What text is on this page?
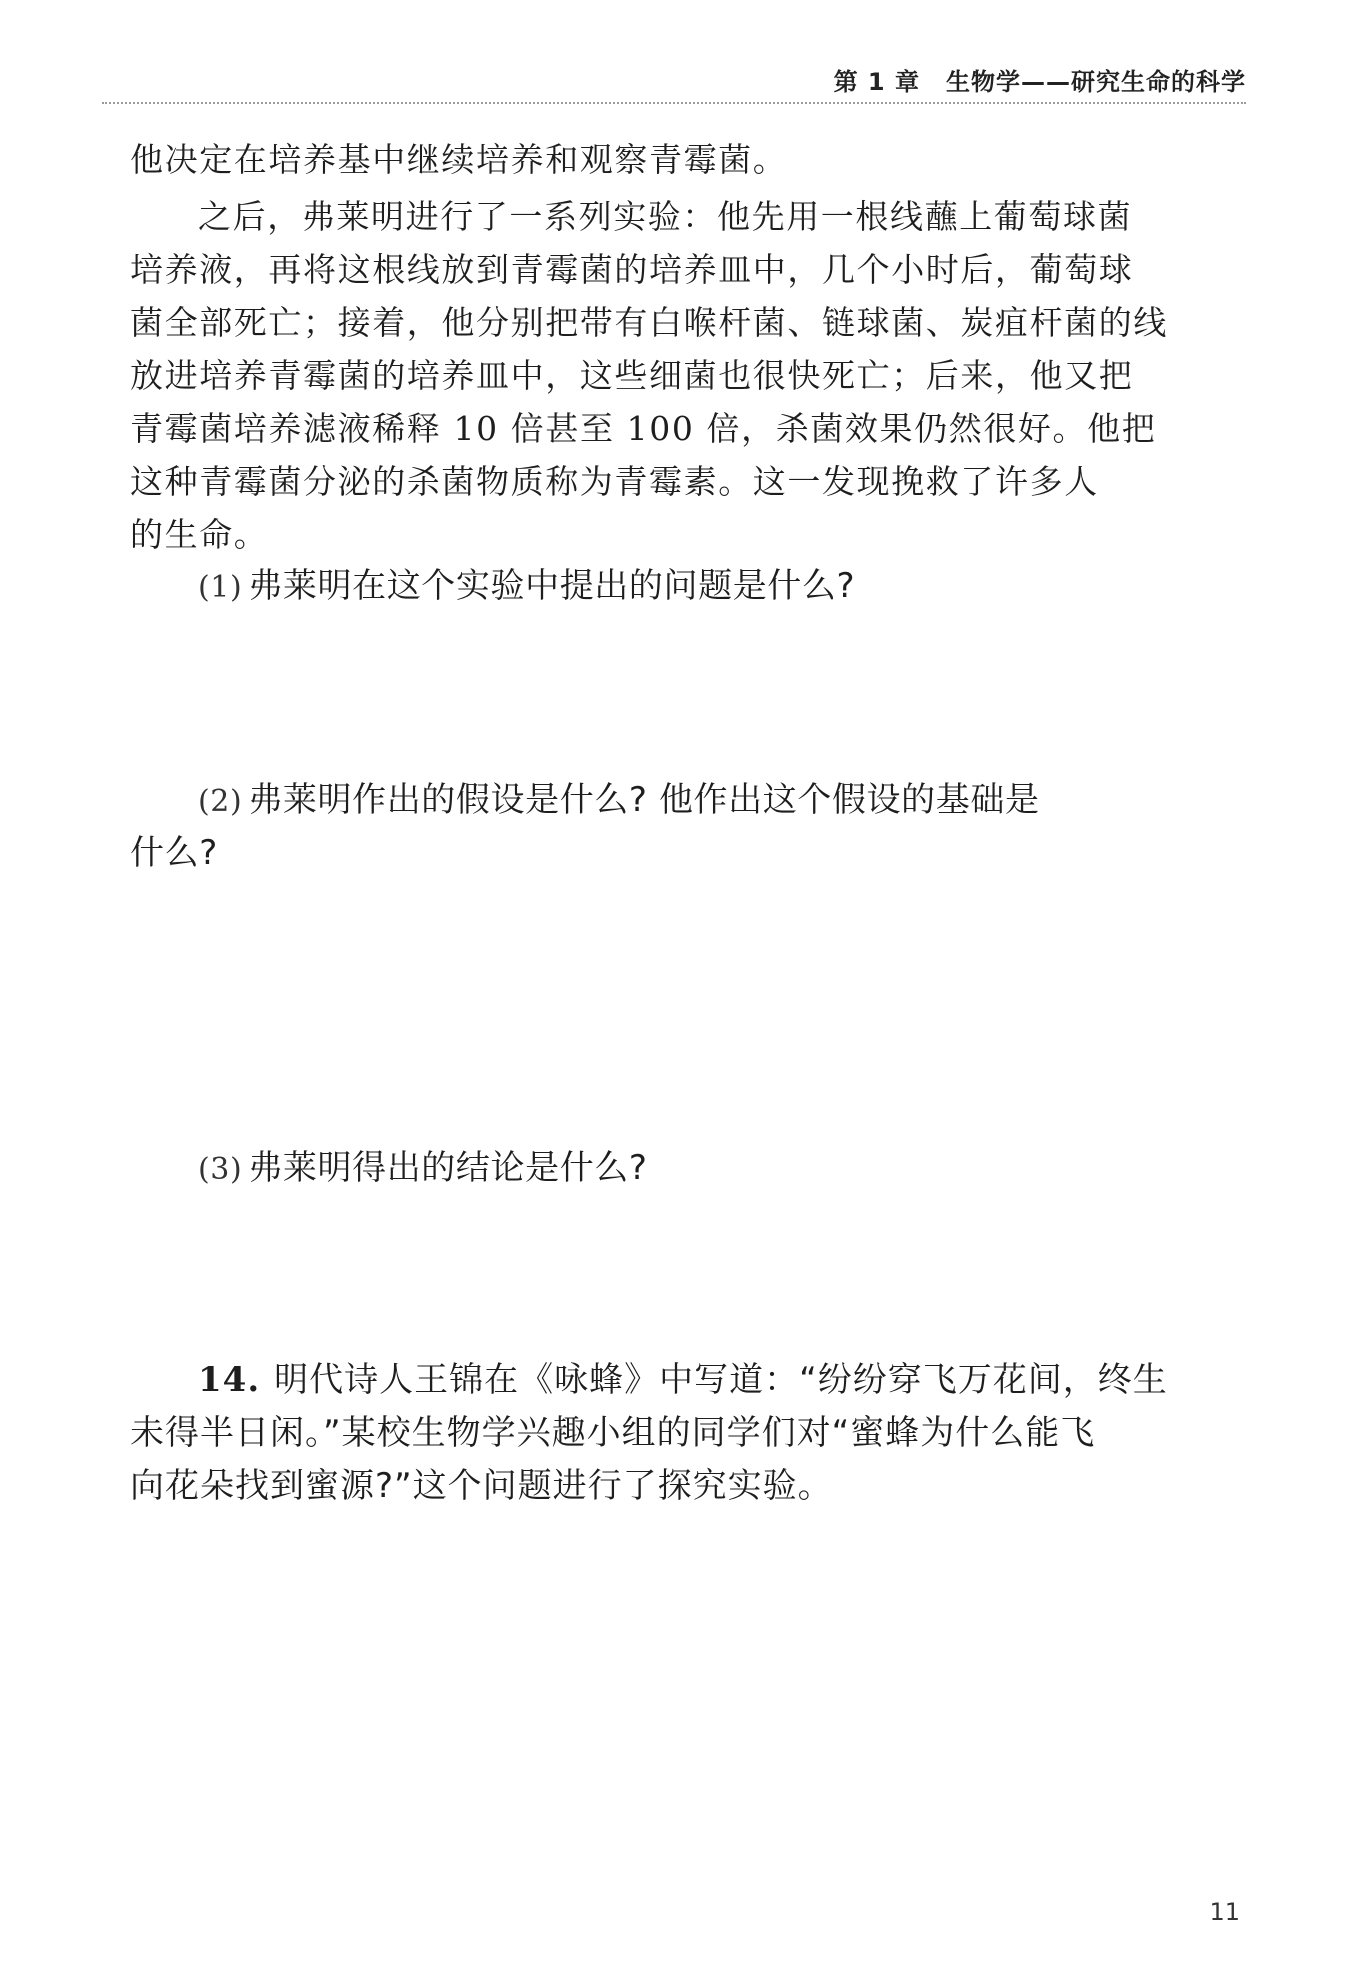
第 1 章 生物学——研究生命的科学
他决定在培养基中继续培养和观察青霉菌。
之后，弗莱明进行了一系列实验：他先用一根线蘸上葡萄球菌
培养液，再将这根线放到青霉菌的培养皿中，几个小时后，葡萄球
菌全部死亡；接着，他分别把带有白喉杆菌、链球菌、炭疽杆菌的线
放进培养青霉菌的培养皿中，这些细菌也很快死亡；后来，他又把
青霉菌培养滤液稀释 10 倍甚至 100 倍，杀菌效果仍然很好。他把
这种青霉菌分泌的杀菌物质称为青霉素。这一发现挽救了许多人
的生命。
(1) 弗莱明在这个实验中提出的问题是什么?
(2) 弗莱明作出的假设是什么? 他作出这个假设的基础是
什么?
(3) 弗莱明得出的结论是什么?
14. 明代诗人王锦在《咏蜂》中写道：“纷纷穿飞万花间，终生
未得半日闲。”某校生物学兴趣小组的同学们对“蜜蜂为什么能飞
向花朵找到蜜源?”这个问题进行了探究实验。
11
